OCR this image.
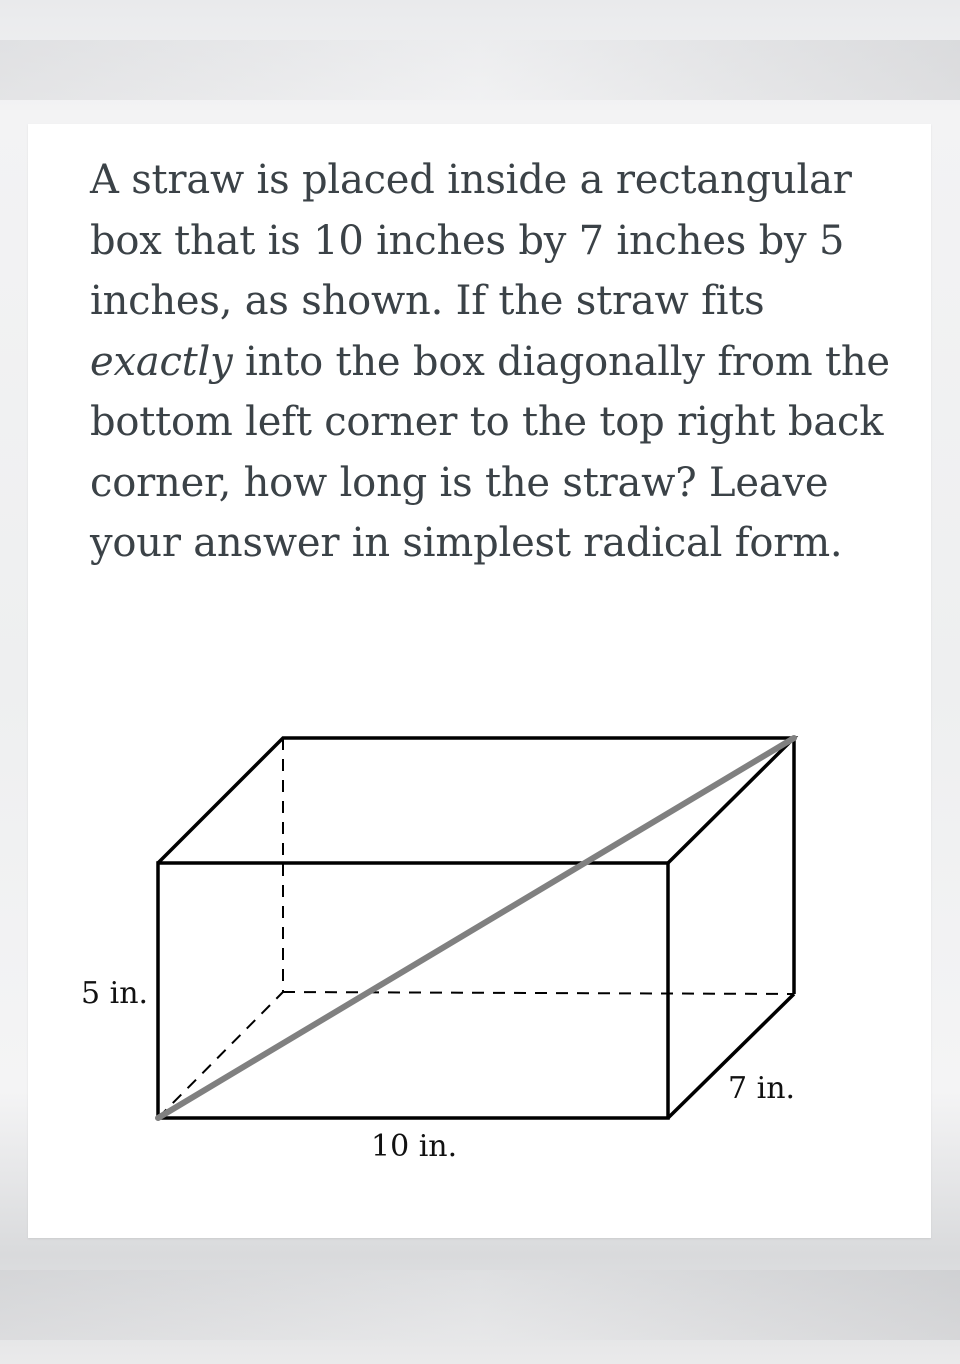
A straw is placed inside a rectangular box that is 10 inches by 7 inches by 5 inches, as shown. If the straw fits exactly into the box diagonally from the bottom left corner to the top right back corner, how long is the straw? Leave your answer in simplest radical form.

5 in.
10 in.
7 in.
